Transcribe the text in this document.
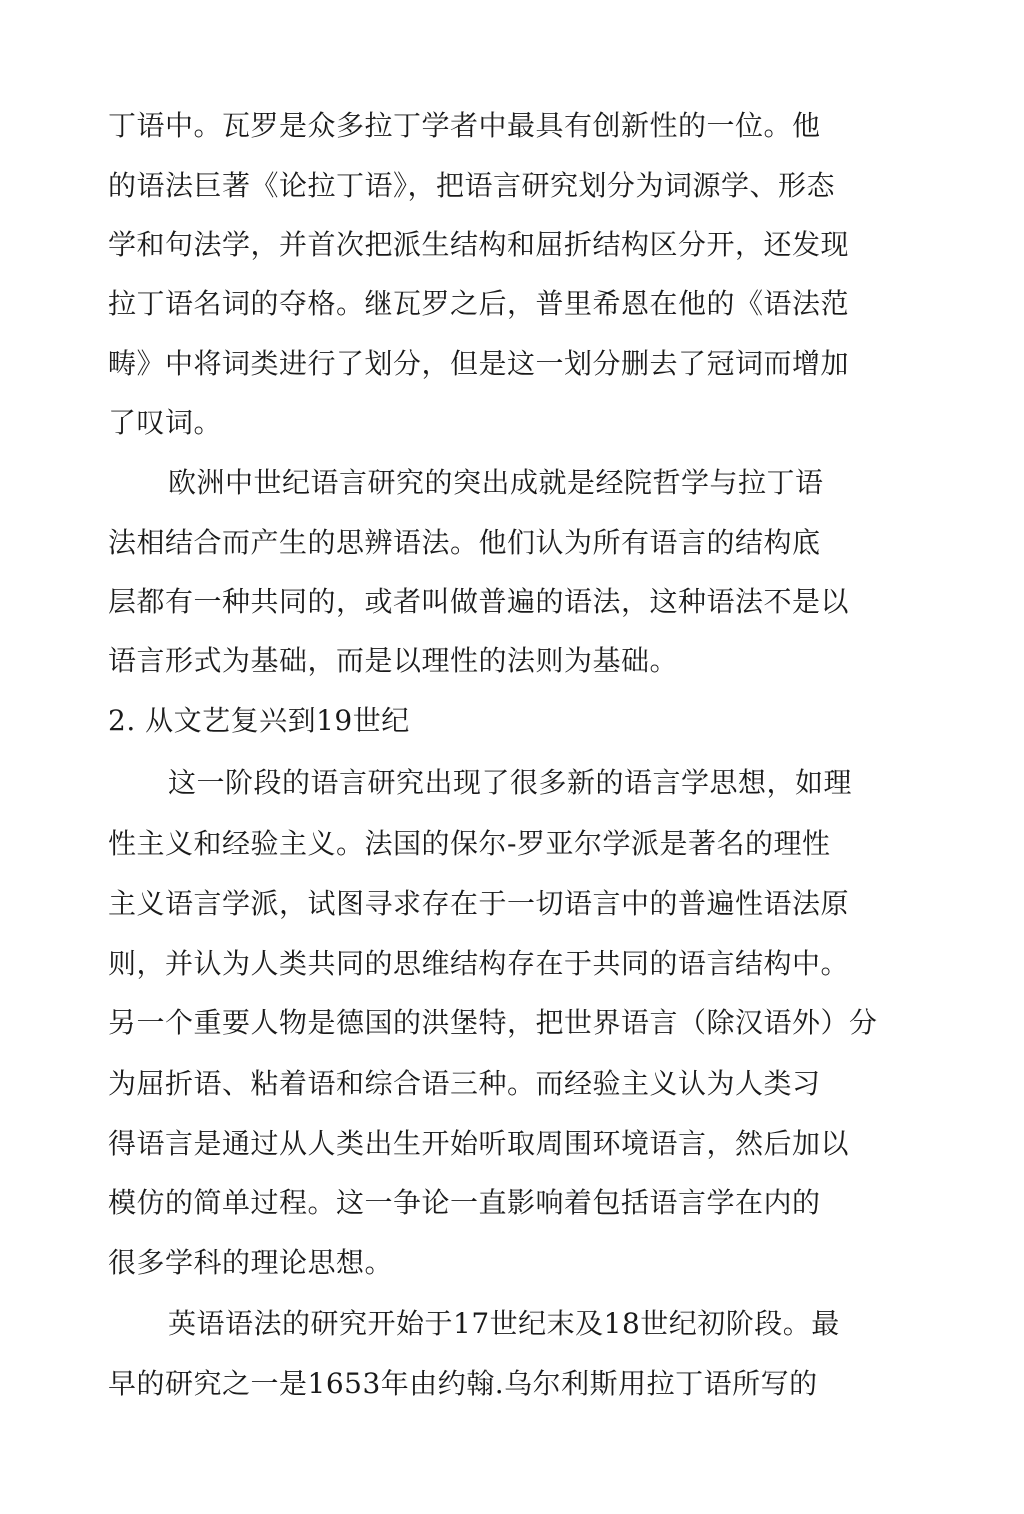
丁语中。瓦罗是众多拉丁学者中最具有创新性的一位。他
的语法巨著《论拉丁语》，把语言研究划分为词源学、形态
学和句法学，并首次把派生结构和屈折结构区分开，还发现
拉丁语名词的夺格。继瓦罗之后，普里希恩在他的《语法范
畴》中将词类进行了划分，但是这一划分删去了冠词而增加
了叹词。
欧洲中世纪语言研究的突出成就是经院哲学与拉丁语
法相结合而产生的思辨语法。他们认为所有语言的结构底
层都有一种共同的，或者叫做普遍的语法，这种语法不是以
语言形式为基础，而是以理性的法则为基础。
2. 从文艺复兴到19世纪
这一阶段的语言研究出现了很多新的语言学思想，如理
性主义和经验主义。法国的保尔-罗亚尔学派是著名的理性
主义语言学派，试图寻求存在于一切语言中的普遍性语法原
则，并认为人类共同的思维结构存在于共同的语言结构中。
另一个重要人物是德国的洪堡特，把世界语言（除汉语外）分
为屈折语、粘着语和综合语三种。而经验主义认为人类习
得语言是通过从人类出生开始听取周围环境语言，然后加以
模仿的简单过程。这一争论一直影响着包括语言学在内的
很多学科的理论思想。
英语语法的研究开始于17世纪末及18世纪初阶段。最
早的研究之一是1653年由约翰.乌尔利斯用拉丁语所写的
